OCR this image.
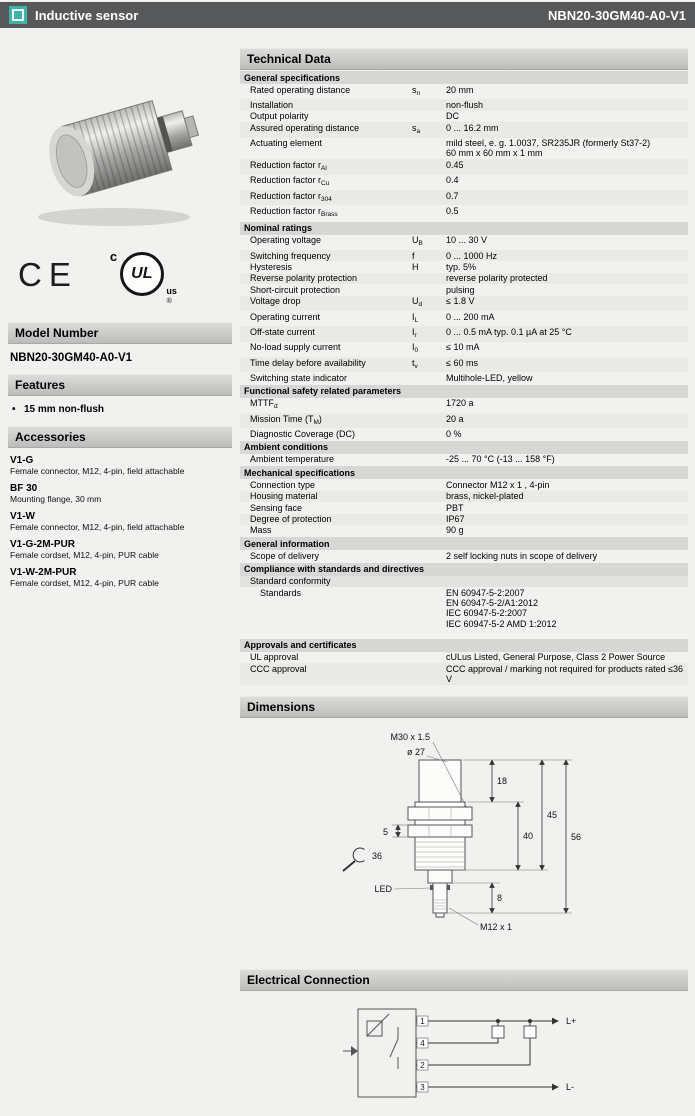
Inductive sensor	NBN20-30GM40-A0-V1
CE c
UL
us
®
Model Number
NBN20-30GM40-A0-V1
Features
• 15 mm non-flush
Accessories
V1-G
Female connector, M12, 4-pin, field attachable
BF 30
Mounting flange, 30 mm
V1-W
Female connector, M12, 4-pin, field attachable
V1-G-2M-PUR
Female cordset, M12, 4-pin, PUR cable
V1-W-2M-PUR
Female cordset, M12, 4-pin, PUR cable
Technical Data
General specifications
Rated operating distance	$s_n$	20 mm
Installation	non-flush
Output polarity	DC
Assured operating distance	$s_a$	0 ... 16.2 mm
Actuating element	mild steel, e. g. 1.0037, SR235JR (formerly St37-2)
60 mm x 60 mm x 1 mm
Reduction factor $r_{Al}$	0.45
Reduction factor $r_{Cu}$	0.4
Reduction factor $r_{304}$	0.7
Reduction factor $r_{Brass}$	0.5
Nominal ratings
Operating voltage	$U_B$	10 ... 30 V
Switching frequency	f	0 ... 1000 Hz
Hysteresis	H	typ. 5%
Reverse polarity protection	reverse polarity protected
Short-circuit protection	pulsing
Voltage drop	$U_d$	≤ 1.8 V
Operating current	$I_L$	0 ... 200 mA
Off-state current	$I_r$	0 ... 0.5 mA typ. 0.1 µA at 25 °C
No-load supply current	$I_0$	≤ 10 mA
Time delay before availability	$t_v$	≤ 60 ms
Switching state indicator	Multihole-LED, yellow
Functional safety related parameters
$MTTF_d$	1720 a
Mission Time $(T_M)$	20 a
Diagnostic Coverage (DC)	0 %
Ambient conditions
Ambient temperature	-25 ... 70 °C (-13 ... 158 °F)
Mechanical specifications
Connection type	Connector M12 x 1 , 4-pin
Housing material	brass, nickel-plated
Sensing face	PBT
Degree of protection	IP67
Mass	90 g
General information
Scope of delivery	2 self locking nuts in scope of delivery
Compliance with standards and directives
Standard conformity
Standards	EN 60947-5-2:2007
EN 60947-5-2/A1:2012
IEC 60947-5-2:2007
IEC 60947-5-2 AMD 1:2012
Approvals and certificates
UL approval	cULus Listed, General Purpose, Class 2 Power Source
CCC approval	CCC approval / marking not required for products rated ≤36 V
Dimensions
18
8
40
45
56
5
36
LED
M30 x 1.5
ø 27
M12 x 1
Electrical Connection
1
4
2
3
L+
L-
